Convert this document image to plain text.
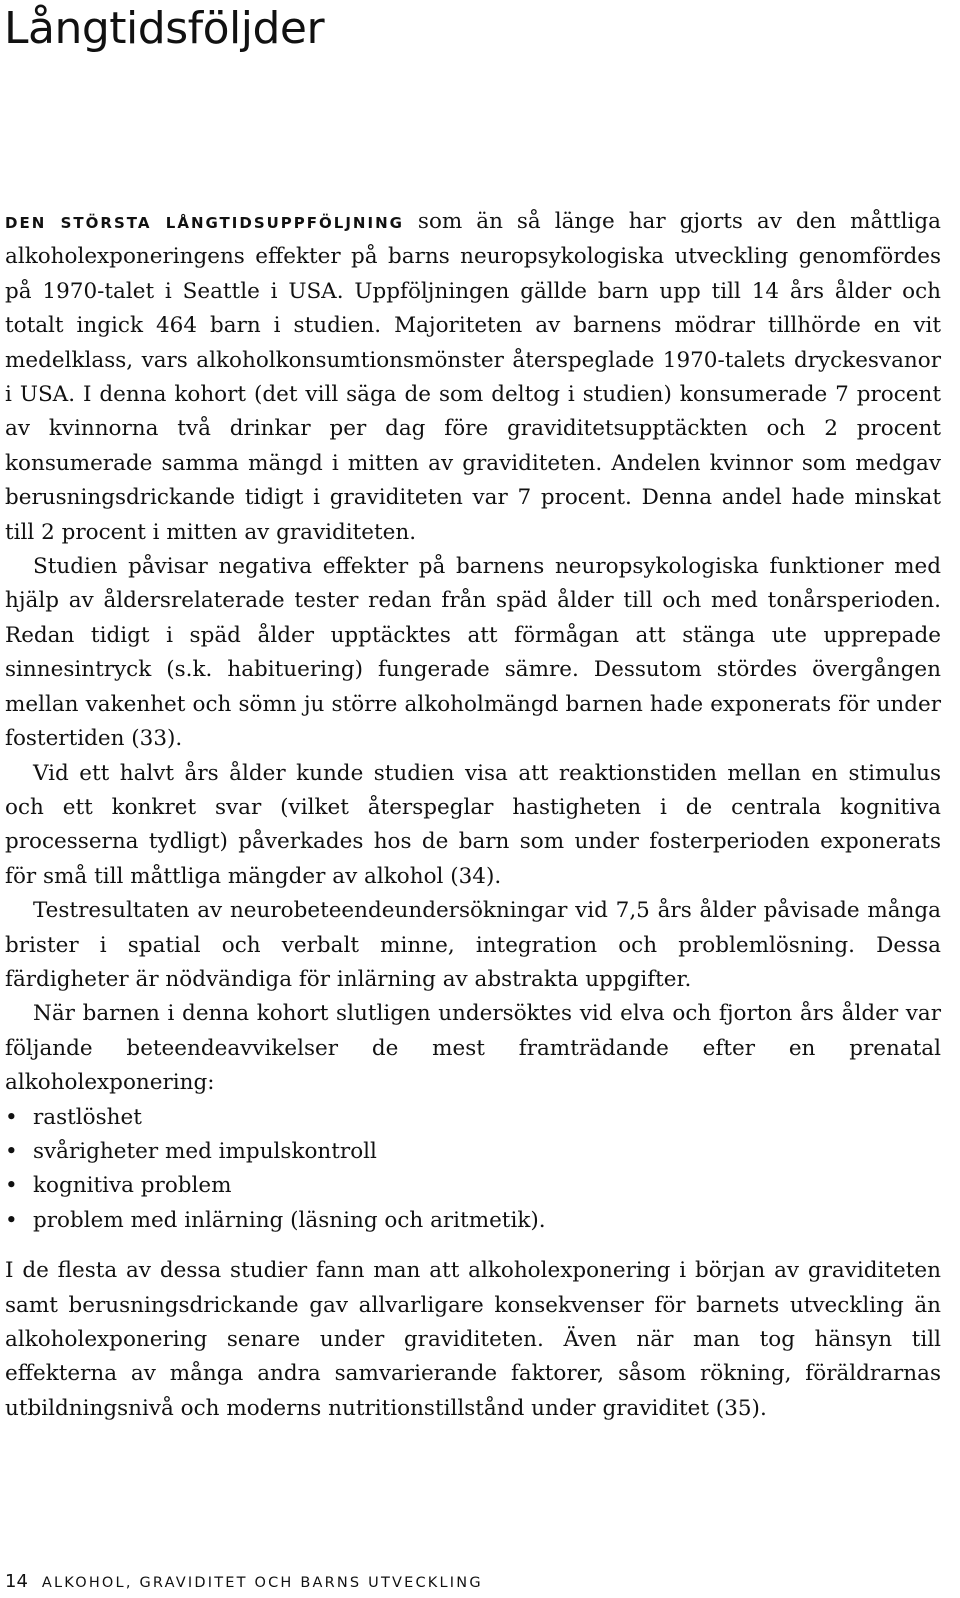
Långtidsföljder

DEN STÖRSTA LÅNGTIDSUPPFÖLJNING som än så länge har gjorts av den måttliga alkoholexponeringens effekter på barns neuropsykologiska utveckling genomfördes på 1970-talet i Seattle i USA. Uppföljningen gällde barn upp till 14 års ålder och totalt ingick 464 barn i studien. Majoriteten av barnens mödrar tillhörde en vit medelklass, vars alkoholkonsumtionsmönster återspeglade 1970-talets dryckesvanor i USA. I denna kohort (det vill säga de som deltog i studien) konsumerade 7 procent av kvinnorna två drinkar per dag före graviditetsupptäckten och 2 procent konsumerade samma mängd i mitten av graviditeten. Andelen kvinnor som medgav berusningsdrickande tidigt i graviditeten var 7 procent. Denna andel hade minskat till 2 procent i mitten av graviditeten.

Studien påvisar negativa effekter på barnens neuropsykologiska funktioner med hjälp av åldersrelaterade tester redan från späd ålder till och med tonårsperioden. Redan tidigt i späd ålder upptäcktes att förmågan att stänga ute upprepade sinnesintryck (s.k. habituering) fungerade sämre. Dessutom stördes övergången mellan vakenhet och sömn ju större alkoholmängd barnen hade exponerats för under fostertiden (33).

Vid ett halvt års ålder kunde studien visa att reaktionstiden mellan en stimulus och ett konkret svar (vilket återspeglar hastigheten i de centrala kognitiva processerna tydligt) påverkades hos de barn som under fosterperioden exponerats för små till måttliga mängder av alkohol (34).

Testresultaten av neurobeteendeundersökningar vid 7,5 års ålder påvisade många brister i spatial och verbalt minne, integration och problemlösning. Dessa färdigheter är nödvändiga för inlärning av abstrakta uppgifter.

När barnen i denna kohort slutligen undersöktes vid elva och fjorton års ålder var följande beteendeavvikelser de mest framträdande efter en prenatal alkoholexponering:

• rastlöshet
• svårigheter med impulskontroll
• kognitiva problem
• problem med inlärning (läsning och aritmetik).

I de flesta av dessa studier fann man att alkoholexponering i början av graviditeten samt berusningsdrickande gav allvarligare konsekvenser för barnets utveckling än alkoholexponering senare under graviditeten. Även när man tog hänsyn till effekterna av många andra samvarierande faktorer, såsom rökning, föräldrarnas utbildningsnivå och moderns nutritionstillstånd under graviditet (35).

14 ALKOHOL, GRAVIDITET OCH BARNS UTVECKLING
